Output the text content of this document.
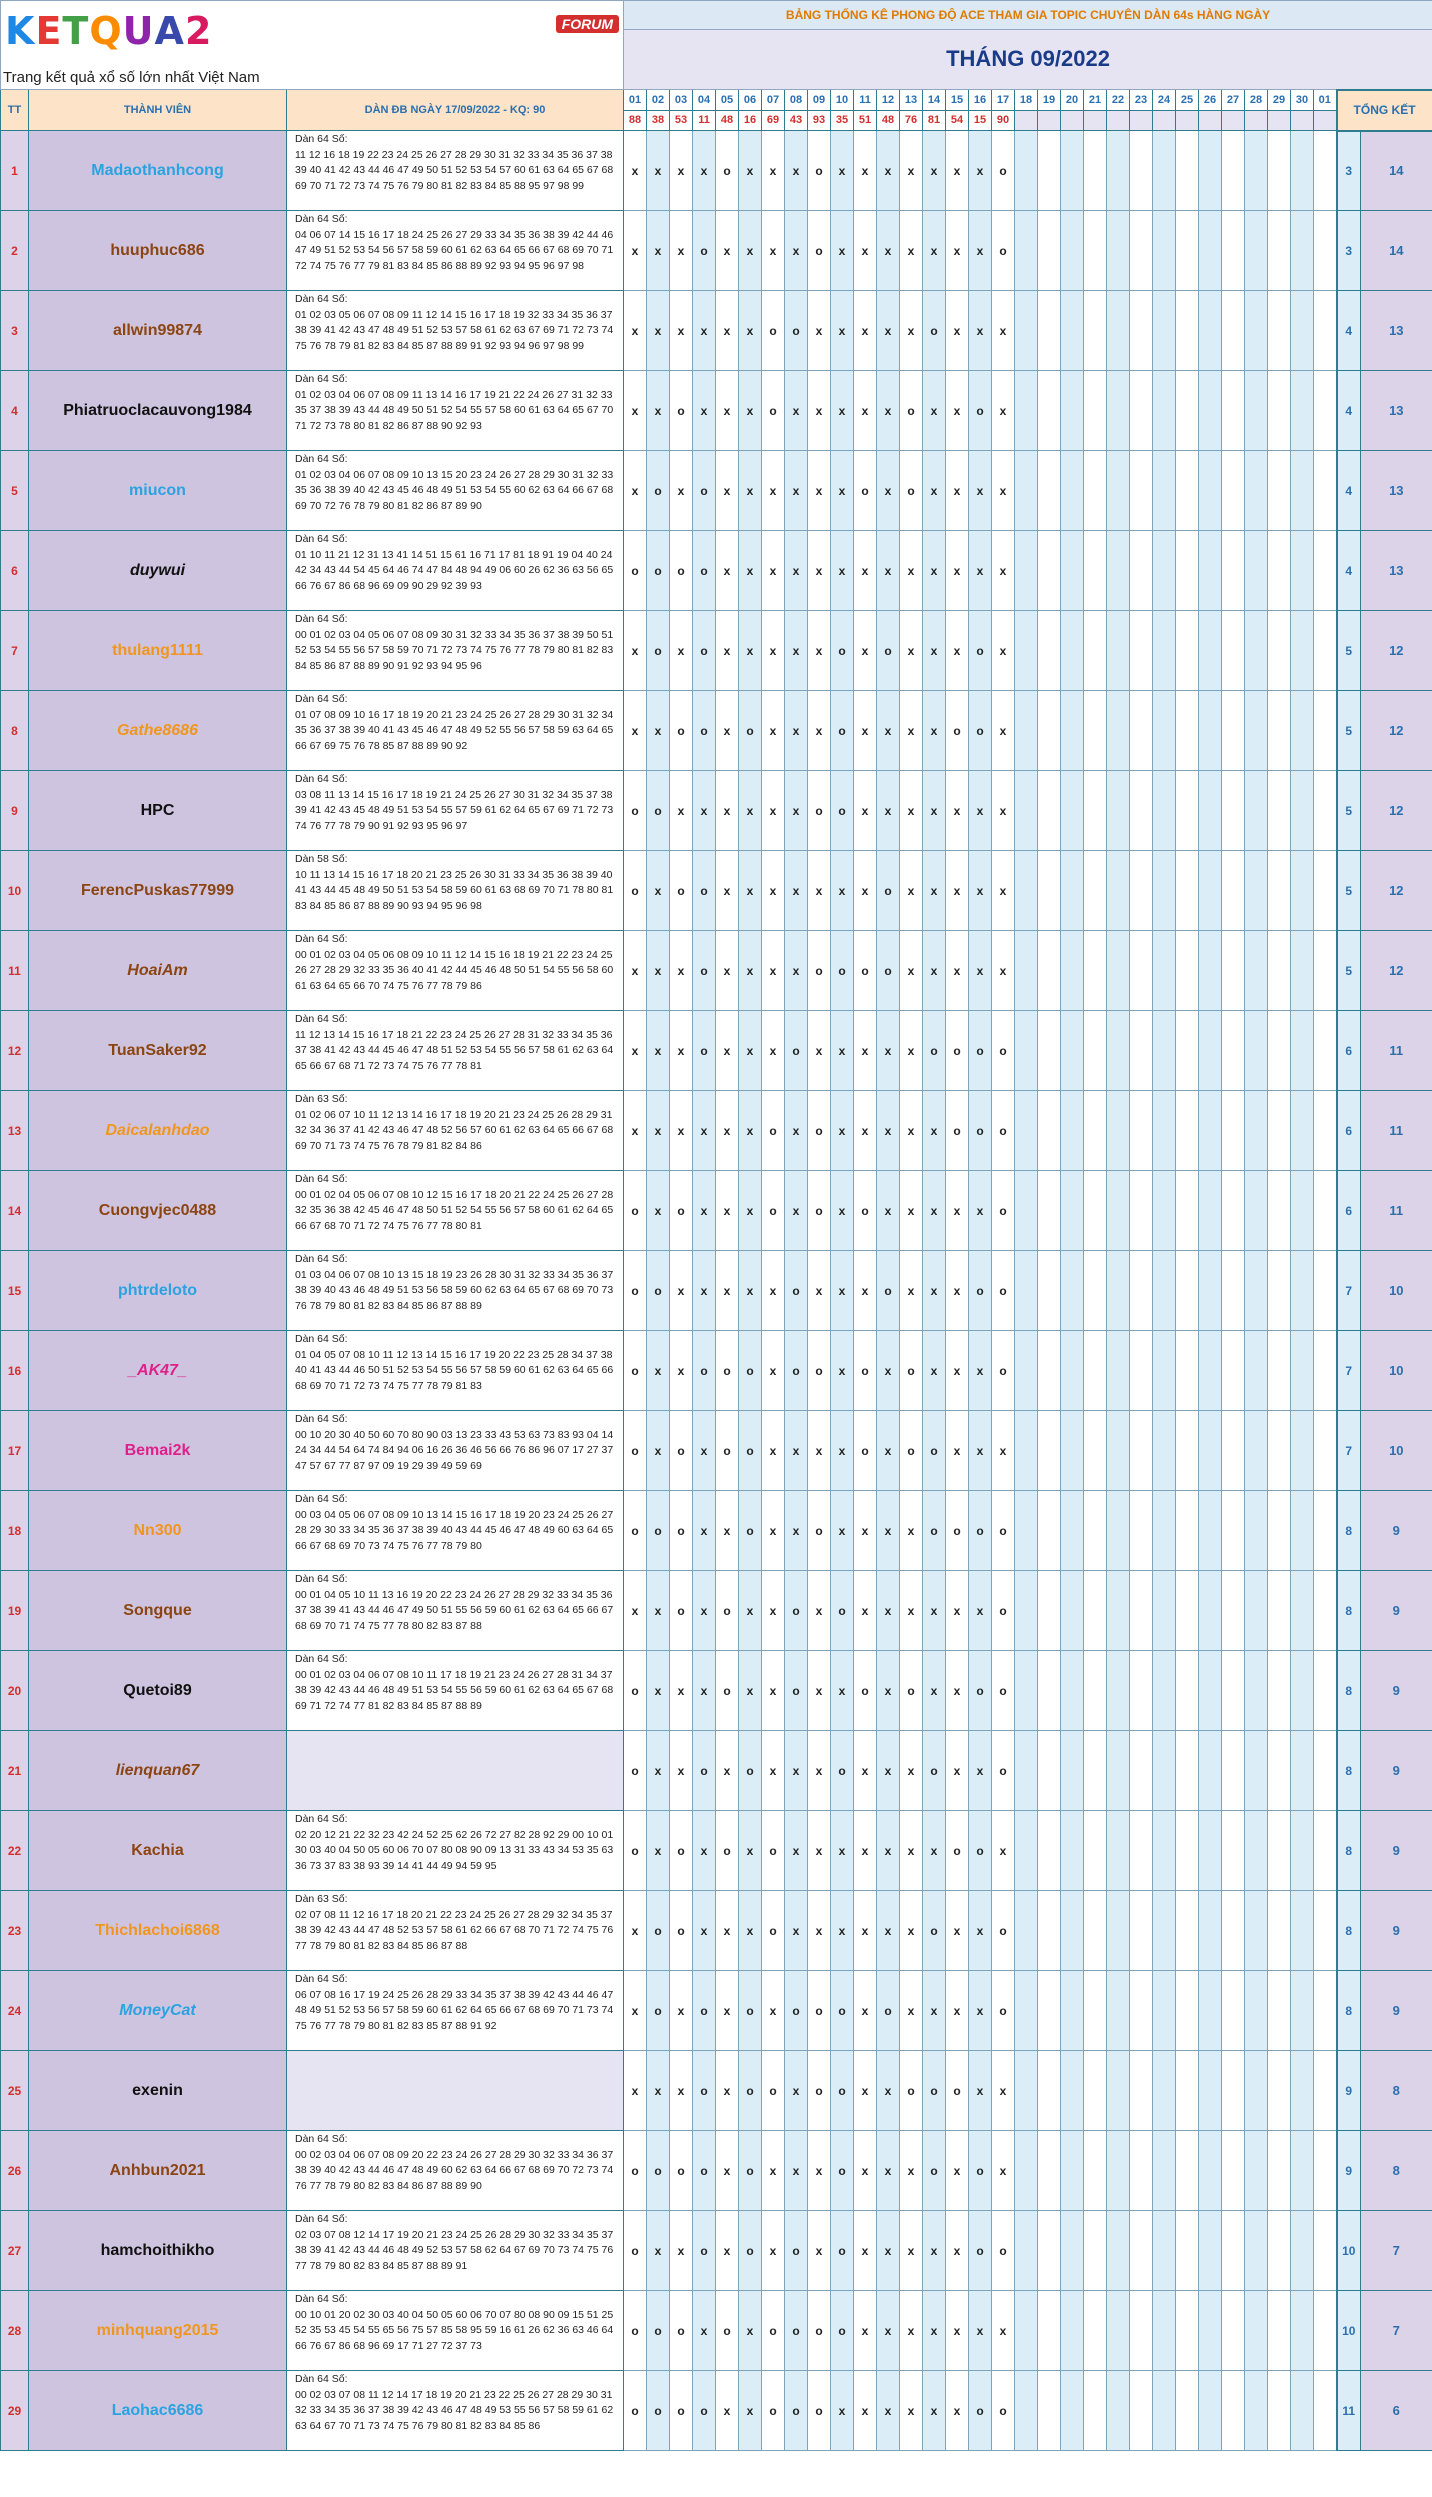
KETQUA2 FORUM
Trang kết quả xổ số lớn nhất Việt Nam			BẢNG THỐNG KÊ PHONG ĐỘ ACE THAM GIA TOPIC CHUYÊN DÀN 64s HÀNG NGÀY																																
			THÁNG 09/2022																																
TT	THÀNH VIÊN	DÀN ĐB NGÀY 17/09/2022 - KQ: 90	01	02	03	04	05	06	07	08	09	10	11	12	13	14	15	16	17	18	19	20	21	22	23	24	25	26	27	28	29	30	01	TỔNG KẾT	
			88	38	53	11	48	16	69	43	93	35	51	48	76	81	54	15	90																
1	Madaothanhcong	Dàn 64 Số:
11 12 16 18 19 22 23 24 25 26 27 28 29 30 31 32 33 34 35 36 37 38 39 40 41 42 43 44 46 47 49 50 51 52 53 54 57 60 61 63 64 65 67 68 69 70 71 72 73 74 75 76 79 80 81 82 83 84 85 88 95 97 98 99	x	x	x	x	o	x	x	x	o	x	x	x	x	x	x	x	o															3	14
2	huuphuc686	Dàn 64 Số:
04 06 07 14 15 16 17 18 24 25 26 27 29 33 34 35 36 38 39 42 44 46 47 49 51 52 53 54 56 57 58 59 60 61 62 63 64 65 66 67 68 69 70 71 72 74 75 76 77 79 81 83 84 85 86 88 89 92 93 94 95 96 97 98	x	x	x	o	x	x	x	x	o	x	x	x	x	x	x	x	o															3	14
3	allwin99874	Dàn 64 Số:
01 02 03 05 06 07 08 09 11 12 14 15 16 17 18 19 32 33 34 35 36 37 38 39 41 42 43 47 48 49 51 52 53 57 58 61 62 63 67 69 71 72 73 74 75 76 78 79 81 82 83 84 85 87 88 89 91 92 93 94 96 97 98 99	x	x	x	x	x	x	o	o	x	x	x	x	x	o	x	x	x															4	13
4	Phiatruoclacauvong1984	Dàn 64 Số:
01 02 03 04 06 07 08 09 11 13 14 16 17 19 21 22 24 26 27 31 32 33 35 37 38 39 43 44 48 49 50 51 52 54 55 57 58 60 61 63 64 65 67 70 71 72 73 78 80 81 82 86 87 88 90 92 93	x	x	o	x	x	x	o	x	x	x	x	x	o	x	x	o	x															4	13
5	miucon	Dàn 64 Số:
01 02 03 04 06 07 08 09 10 13 15 20 23 24 26 27 28 29 30 31 32 33 35 36 38 39 40 42 43 45 46 48 49 51 53 54 55 60 62 63 64 66 67 68 69 70 72 76 78 79 80 81 82 86 87 89 90	x	o	x	o	x	x	x	x	x	x	o	x	o	x	x	x	x															4	13
6	duywui	Dàn 64 Số:
01 10 11 21 12 31 13 41 14 51 15 61 16 71 17 81 18 91 19 04 40 24 42 34 43 44 54 45 64 46 74 47 84 48 94 49 06 60 26 62 36 63 56 65 66 76 67 86 68 96 69 09 90 29 92 39 93	o	o	o	o	x	x	x	x	x	x	x	x	x	x	x	x	x															4	13
7	thulang1111	Dàn 64 Số:
00 01 02 03 04 05 06 07 08 09 30 31 32 33 34 35 36 37 38 39 50 51 52 53 54 55 56 57 58 59 70 71 72 73 74 75 76 77 78 79 80 81 82 83 84 85 86 87 88 89 90 91 92 93 94 95 96	x	o	x	o	x	x	x	x	x	o	x	o	x	x	x	o	x															5	12
8	Gathe8686	Dàn 64 Số:
01 07 08 09 10 16 17 18 19 20 21 23 24 25 26 27 28 29 30 31 32 34 35 36 37 38 39 40 41 43 45 46 47 48 49 52 55 56 57 58 59 63 64 65 66 67 69 75 76 78 85 87 88 89 90 92	x	x	o	o	x	o	x	x	x	o	x	x	x	x	o	o	x															5	12
9	HPC	Dàn 64 Số:
03 08 11 13 14 15 16 17 18 19 21 24 25 26 27 30 31 32 34 35 37 38 39 41 42 43 45 48 49 51 53 54 55 57 59 61 62 64 65 67 69 71 72 73 74 76 77 78 79 90 91 92 93 95 96 97	o	o	x	x	x	x	x	x	o	o	x	x	x	x	x	x	x															5	12
10	FerencPuskas77999	Dàn 58 Số:
10 11 13 14 15 16 17 18 20 21 23 25 26 30 31 33 34 35 36 38 39 40 41 43 44 45 48 49 50 51 53 54 58 59 60 61 63 68 69 70 71 78 80 81 83 84 85 86 87 88 89 90 93 94 95 96 98	o	x	o	o	x	x	x	x	x	x	x	o	x	x	x	x	x															5	12
11	HoaiAm	Dàn 64 Số:
00 01 02 03 04 05 06 08 09 10 11 12 14 15 16 18 19 21 22 23 24 25 26 27 28 29 32 33 35 36 40 41 42 44 45 46 48 50 51 54 55 56 58 60 61 63 64 65 66 70 74 75 76 77 78 79 86	x	x	x	o	x	x	x	x	o	o	o	o	x	x	x	x	x															5	12
12	TuanSaker92	Dàn 64 Số:
11 12 13 14 15 16 17 18 21 22 23 24 25 26 27 28 31 32 33 34 35 36 37 38 41 42 43 44 45 46 47 48 51 52 53 54 55 56 57 58 61 62 63 64 65 66 67 68 71 72 73 74 75 76 77 78 81	x	x	x	o	x	x	x	o	x	x	x	x	x	o	o	o	o															6	11
13	Daicalanhdao	Dàn 63 Số:
01 02 06 07 10 11 12 13 14 16 17 18 19 20 21 23 24 25 26 28 29 31 32 34 36 37 41 42 43 46 47 48 52 56 57 60 61 62 63 64 65 66 67 68 69 70 71 73 74 75 76 78 79 81 82 84 86	x	x	x	x	x	x	o	x	o	x	x	x	x	x	o	o	o															6	11
14	Cuongvjec0488	Dàn 64 Số:
00 01 02 04 05 06 07 08 10 12 15 16 17 18 20 21 22 24 25 26 27 28 32 35 36 38 42 45 46 47 48 50 51 52 54 55 56 57 58 60 61 62 64 65 66 67 68 70 71 72 74 75 76 77 78 80 81	o	x	o	x	x	x	o	x	o	x	o	x	x	x	x	x	o															6	11
15	phtrdeloto	Dàn 64 Số:
01 03 04 06 07 08 10 13 15 18 19 23 26 28 30 31 32 33 34 35 36 37 38 39 40 43 46 48 49 51 53 56 58 59 60 62 63 64 65 67 68 69 70 73 76 78 79 80 81 82 83 84 85 86 87 88 89	o	o	x	x	x	x	x	o	x	x	x	o	x	x	x	o	o															7	10
16	_AK47_	Dàn 64 Số:
01 04 05 07 08 10 11 12 13 14 15 16 17 19 20 22 23 25 28 34 37 38 40 41 43 44 46 50 51 52 53 54 55 56 57 58 59 60 61 62 63 64 65 66 68 69 70 71 72 73 74 75 77 78 79 81 83	o	x	x	o	o	o	x	o	o	x	o	x	o	x	x	x	o															7	10
17	Bemai2k	Dàn 64 Số:
00 10 20 30 40 50 60 70 80 90 03 13 23 33 43 53 63 73 83 93 04 14 24 34 44 54 64 74 84 94 06 16 26 36 46 56 66 76 86 96 07 17 27 37 47 57 67 77 87 97 09 19 29 39 49 59 69	o	x	o	x	o	o	x	x	x	x	o	x	o	o	x	x	x															7	10
18	Nn300	Dàn 64 Số:
00 03 04 05 06 07 08 09 10 13 14 15 16 17 18 19 20 23 24 25 26 27 28 29 30 33 34 35 36 37 38 39 40 43 44 45 46 47 48 49 60 63 64 65 66 67 68 69 70 73 74 75 76 77 78 79 80	o	o	o	x	x	o	x	x	o	x	x	x	x	o	o	o	o															8	9
19	Songque	Dàn 64 Số:
00 01 04 05 10 11 13 16 19 20 22 23 24 26 27 28 29 32 33 34 35 36 37 38 39 41 43 44 46 47 49 50 51 55 56 59 60 61 62 63 64 65 66 67 68 69 70 71 74 75 77 78 80 82 83 87 88	x	x	o	x	o	x	x	o	x	o	x	x	x	x	x	x	o															8	9
20	Quetoi89	Dàn 64 Số:
00 01 02 03 04 06 07 08 10 11 17 18 19 21 23 24 26 27 28 31 34 37 38 39 42 43 44 46 48 49 51 53 54 55 56 59 60 61 62 63 64 65 67 68 69 71 72 74 77 81 82 83 84 85 87 88 89	o	x	x	x	o	x	x	o	x	x	o	x	o	x	x	o	o															8	9
21	lienquan67		o	x	x	o	x	o	x	x	x	o	x	x	x	o	x	x	o															8	9
22	Kachia	Dàn 64 Số:
02 20 12 21 22 32 23 42 24 52 25 62 26 72 27 82 28 92 29 00 10 01 30 03 40 04 50 05 60 06 70 07 80 08 90 09 13 31 33 43 34 53 35 63 36 73 37 83 38 93 39 14 41 44 49 94 59 95	o	x	o	x	o	x	o	x	x	x	x	x	x	x	o	o	x															8	9
23	Thichlachoi6868	Dàn 63 Số:
02 07 08 11 12 16 17 18 20 21 22 23 24 25 26 27 28 29 32 34 35 37 38 39 42 43 44 47 48 52 53 57 58 61 62 66 67 68 70 71 72 74 75 76 77 78 79 80 81 82 83 84 85 86 87 88	x	o	o	x	x	x	o	x	x	x	x	x	x	o	x	x	o															8	9
24	MoneyCat	Dàn 64 Số:
06 07 08 16 17 19 24 25 26 28 29 33 34 35 37 38 39 42 43 44 46 47 48 49 51 52 53 56 57 58 59 60 61 62 64 65 66 67 68 69 70 71 73 74 75 76 77 78 79 80 81 82 83 85 87 88 91 92	x	o	x	o	x	o	x	o	o	o	x	o	x	x	x	x	o															8	9
25	exenin		x	x	x	o	x	o	o	x	o	o	x	x	o	o	o	x	x															9	8
26	Anhbun2021	Dàn 64 Số:
00 02 03 04 06 07 08 09 20 22 23 24 26 27 28 29 30 32 33 34 36 37 38 39 40 42 43 44 46 47 48 49 60 62 63 64 66 67 68 69 70 72 73 74 76 77 78 79 80 82 83 84 86 87 88 89 90	o	o	o	o	x	o	x	x	x	o	x	x	x	o	x	o	x															9	8
27	hamchoithikho	Dàn 64 Số:
02 03 07 08 12 14 17 19 20 21 23 24 25 26 28 29 30 32 33 34 35 37 38 39 41 42 43 44 46 48 49 52 53 57 58 62 64 67 69 70 73 74 75 76 77 78 79 80 82 83 84 85 87 88 89 91	o	x	x	o	x	o	x	o	x	o	x	x	x	x	x	o	o															10	7
28	minhquang2015	Dàn 64 Số:
00 10 01 20 02 30 03 40 04 50 05 60 06 70 07 80 08 90 09 15 51 25 52 35 53 45 54 55 65 56 75 57 85 58 95 59 16 61 26 62 36 63 46 64 66 76 67 86 68 96 69 17 71 27 72 37 73	o	o	o	x	o	x	o	o	o	o	x	x	x	x	x	x	x															10	7
29	Laohac6686	Dàn 64 Số:
00 02 03 07 08 11 12 14 17 18 19 20 21 23 22 25 26 27 28 29 30 31 32 33 34 35 36 37 38 39 42 43 46 47 48 49 53 55 56 57 58 59 61 62 63 64 67 70 71 73 74 75 76 79 80 81 82 83 84 85 86	o	o	o	o	x	x	o	o	o	x	x	x	x	x	x	o	o															11	6
